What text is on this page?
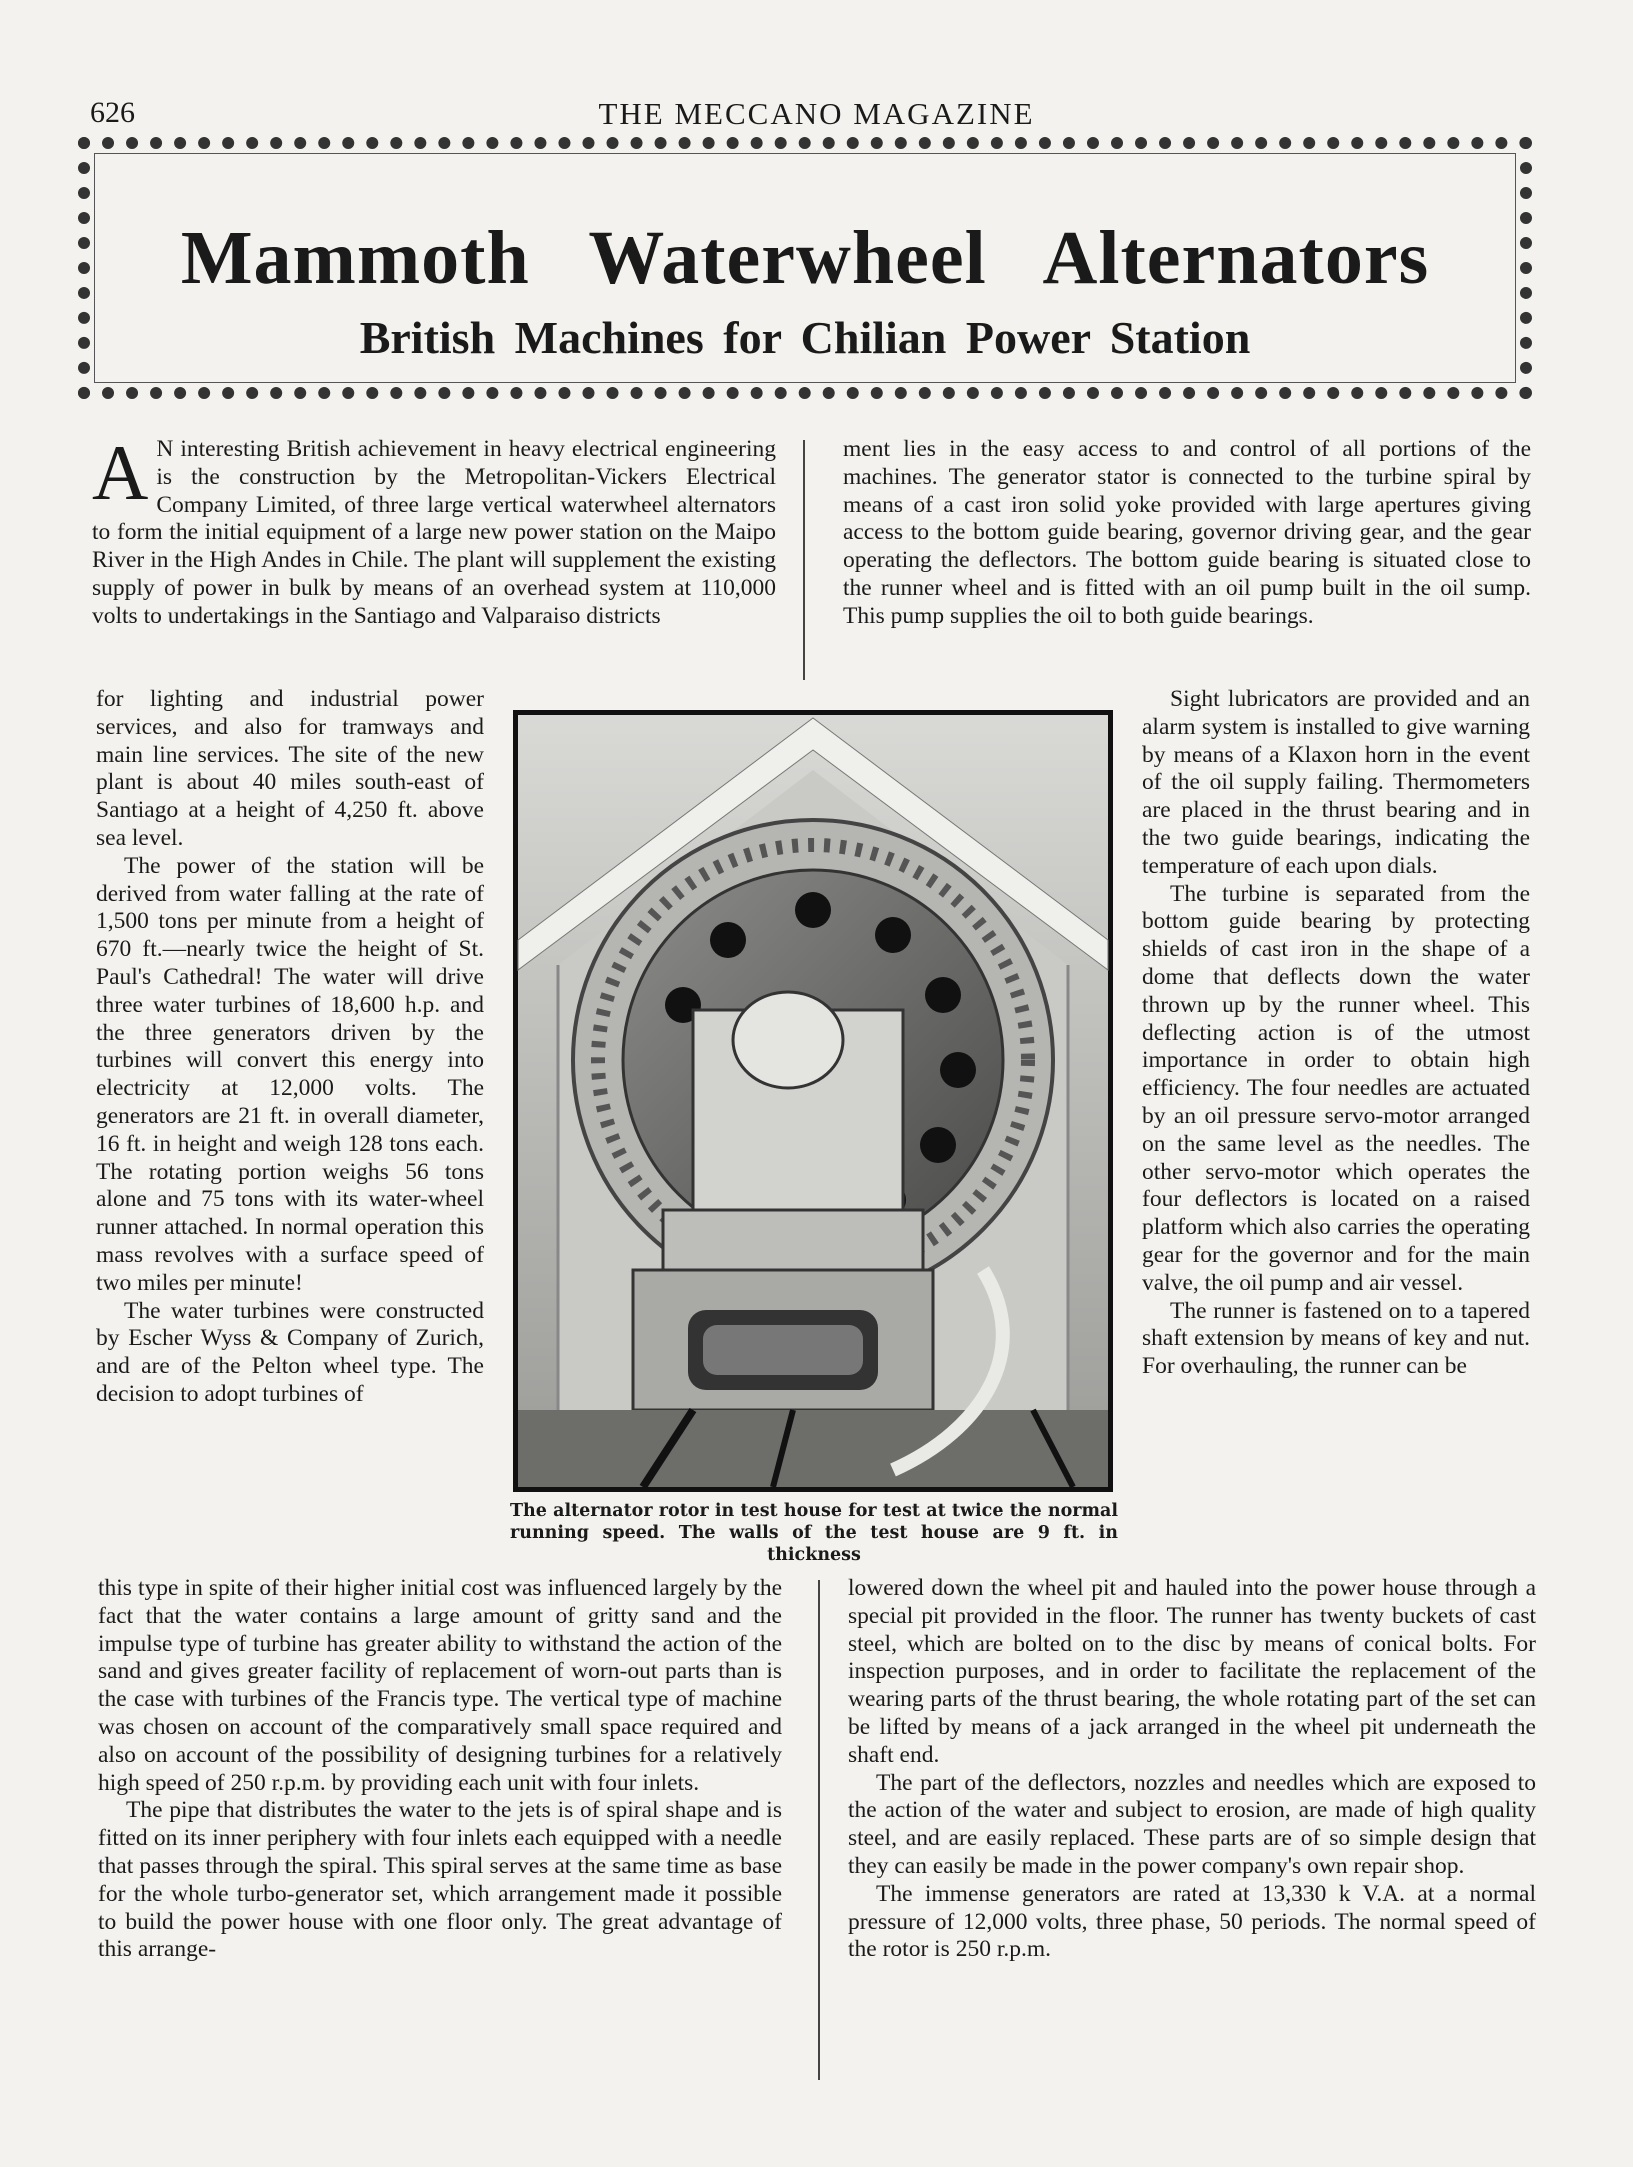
626	THE MECCANO MAGAZINE
Mammoth Waterwheel Alternators
British Machines for Chilian Power Station

A N interesting British achievement in heavy electrical engineering is the construction by the Metropolitan-Vickers Electrical Company Limited, of three large vertical waterwheel alternators to form the initial equipment of a large new power station on the Maipo River in the High Andes in Chile. The plant will supplement the existing supply of power in bulk by means of an overhead system at 110,000 volts to undertakings in the Santiago and Valparaiso districts

for lighting and industrial power services, and also for tramways and main line services. The site of the new plant is about 40 miles south-east of Santiago at a height of 4,250 ft. above sea level.

The power of the station will be derived from water falling at the rate of 1,500 tons per minute from a height of 670 ft.—nearly twice the height of St. Paul's Cathedral! The water will drive three water turbines of 18,600 h.p. and the three generators driven by the turbines will convert this energy into electricity at 12,000 volts. The generators are 21 ft. in overall diameter, 16 ft. in height and weigh 128 tons each. The rotating portion weighs 56 tons alone and 75 tons with its water-wheel runner attached. In normal operation this mass revolves with a surface speed of two miles per minute!

The water turbines were constructed by Escher Wyss & Company of Zurich, and are of the Pelton wheel type. The decision to adopt turbines of

this type in spite of their higher initial cost was influenced largely by the fact that the water contains a large amount of gritty sand and the impulse type of turbine has greater ability to withstand the action of the sand and gives greater facility of replacement of worn-out parts than is the case with turbines of the Francis type. The vertical type of machine was chosen on account of the comparatively small space required and also on account of the possibility of designing turbines for a relatively high speed of 250 r.p.m. by providing each unit with four inlets.

The pipe that distributes the water to the jets is of spiral shape and is fitted on its inner periphery with four inlets each equipped with a needle that passes through the spiral. This spiral serves at the same time as base for the whole turbo-generator set, which arrangement made it possible to build the power house with one floor only. The great advantage of this arrange-

ment lies in the easy access to and control of all portions of the machines. The generator stator is connected to the turbine spiral by means of a cast iron solid yoke provided with large apertures giving access to the bottom guide bearing, governor driving gear, and the gear operating the deflectors. The bottom guide bearing is situated close to the runner wheel and is fitted with an oil pump built in the oil sump. This pump supplies the oil to both guide bearings.

Sight lubricators are provided and an alarm system is installed to give warning by means of a Klaxon horn in the event of the oil supply failing. Thermometers are placed in the thrust bearing and in the two guide bearings, indicating the temperature of each upon dials.

The turbine is separated from the bottom guide bearing by protecting shields of cast iron in the shape of a dome that deflects down the water thrown up by the runner wheel. This deflecting action is of the utmost importance in order to obtain high efficiency. The four needles are actuated by an oil pressure servo-motor arranged on the same level as the needles. The other servo-motor which operates the four deflectors is located on a raised platform which also carries the operating gear for the governor and for the main valve, the oil pump and air vessel.

The runner is fastened on to a tapered shaft extension by means of key and nut. For overhauling, the runner can be

lowered down the wheel pit and hauled into the power house through a special pit provided in the floor. The runner has twenty buckets of cast steel, which are bolted on to the disc by means of conical bolts. For inspection purposes, and in order to facilitate the replacement of the wearing parts of the thrust bearing, the whole rotating part of the set can be lifted by means of a jack arranged in the wheel pit underneath the shaft end.

The part of the deflectors, nozzles and needles which are exposed to the action of the water and subject to erosion, are made of high quality steel, and are easily replaced. These parts are of so simple design that they can easily be made in the power company's own repair shop.

The immense generators are rated at 13,330 k V.A. at a normal pressure of 12,000 volts, three phase, 50 periods. The normal speed of the rotor is 250 r.p.m.

The alternator rotor in test house for test at twice the normal running speed. The walls of the test house are 9 ft. in thickness
